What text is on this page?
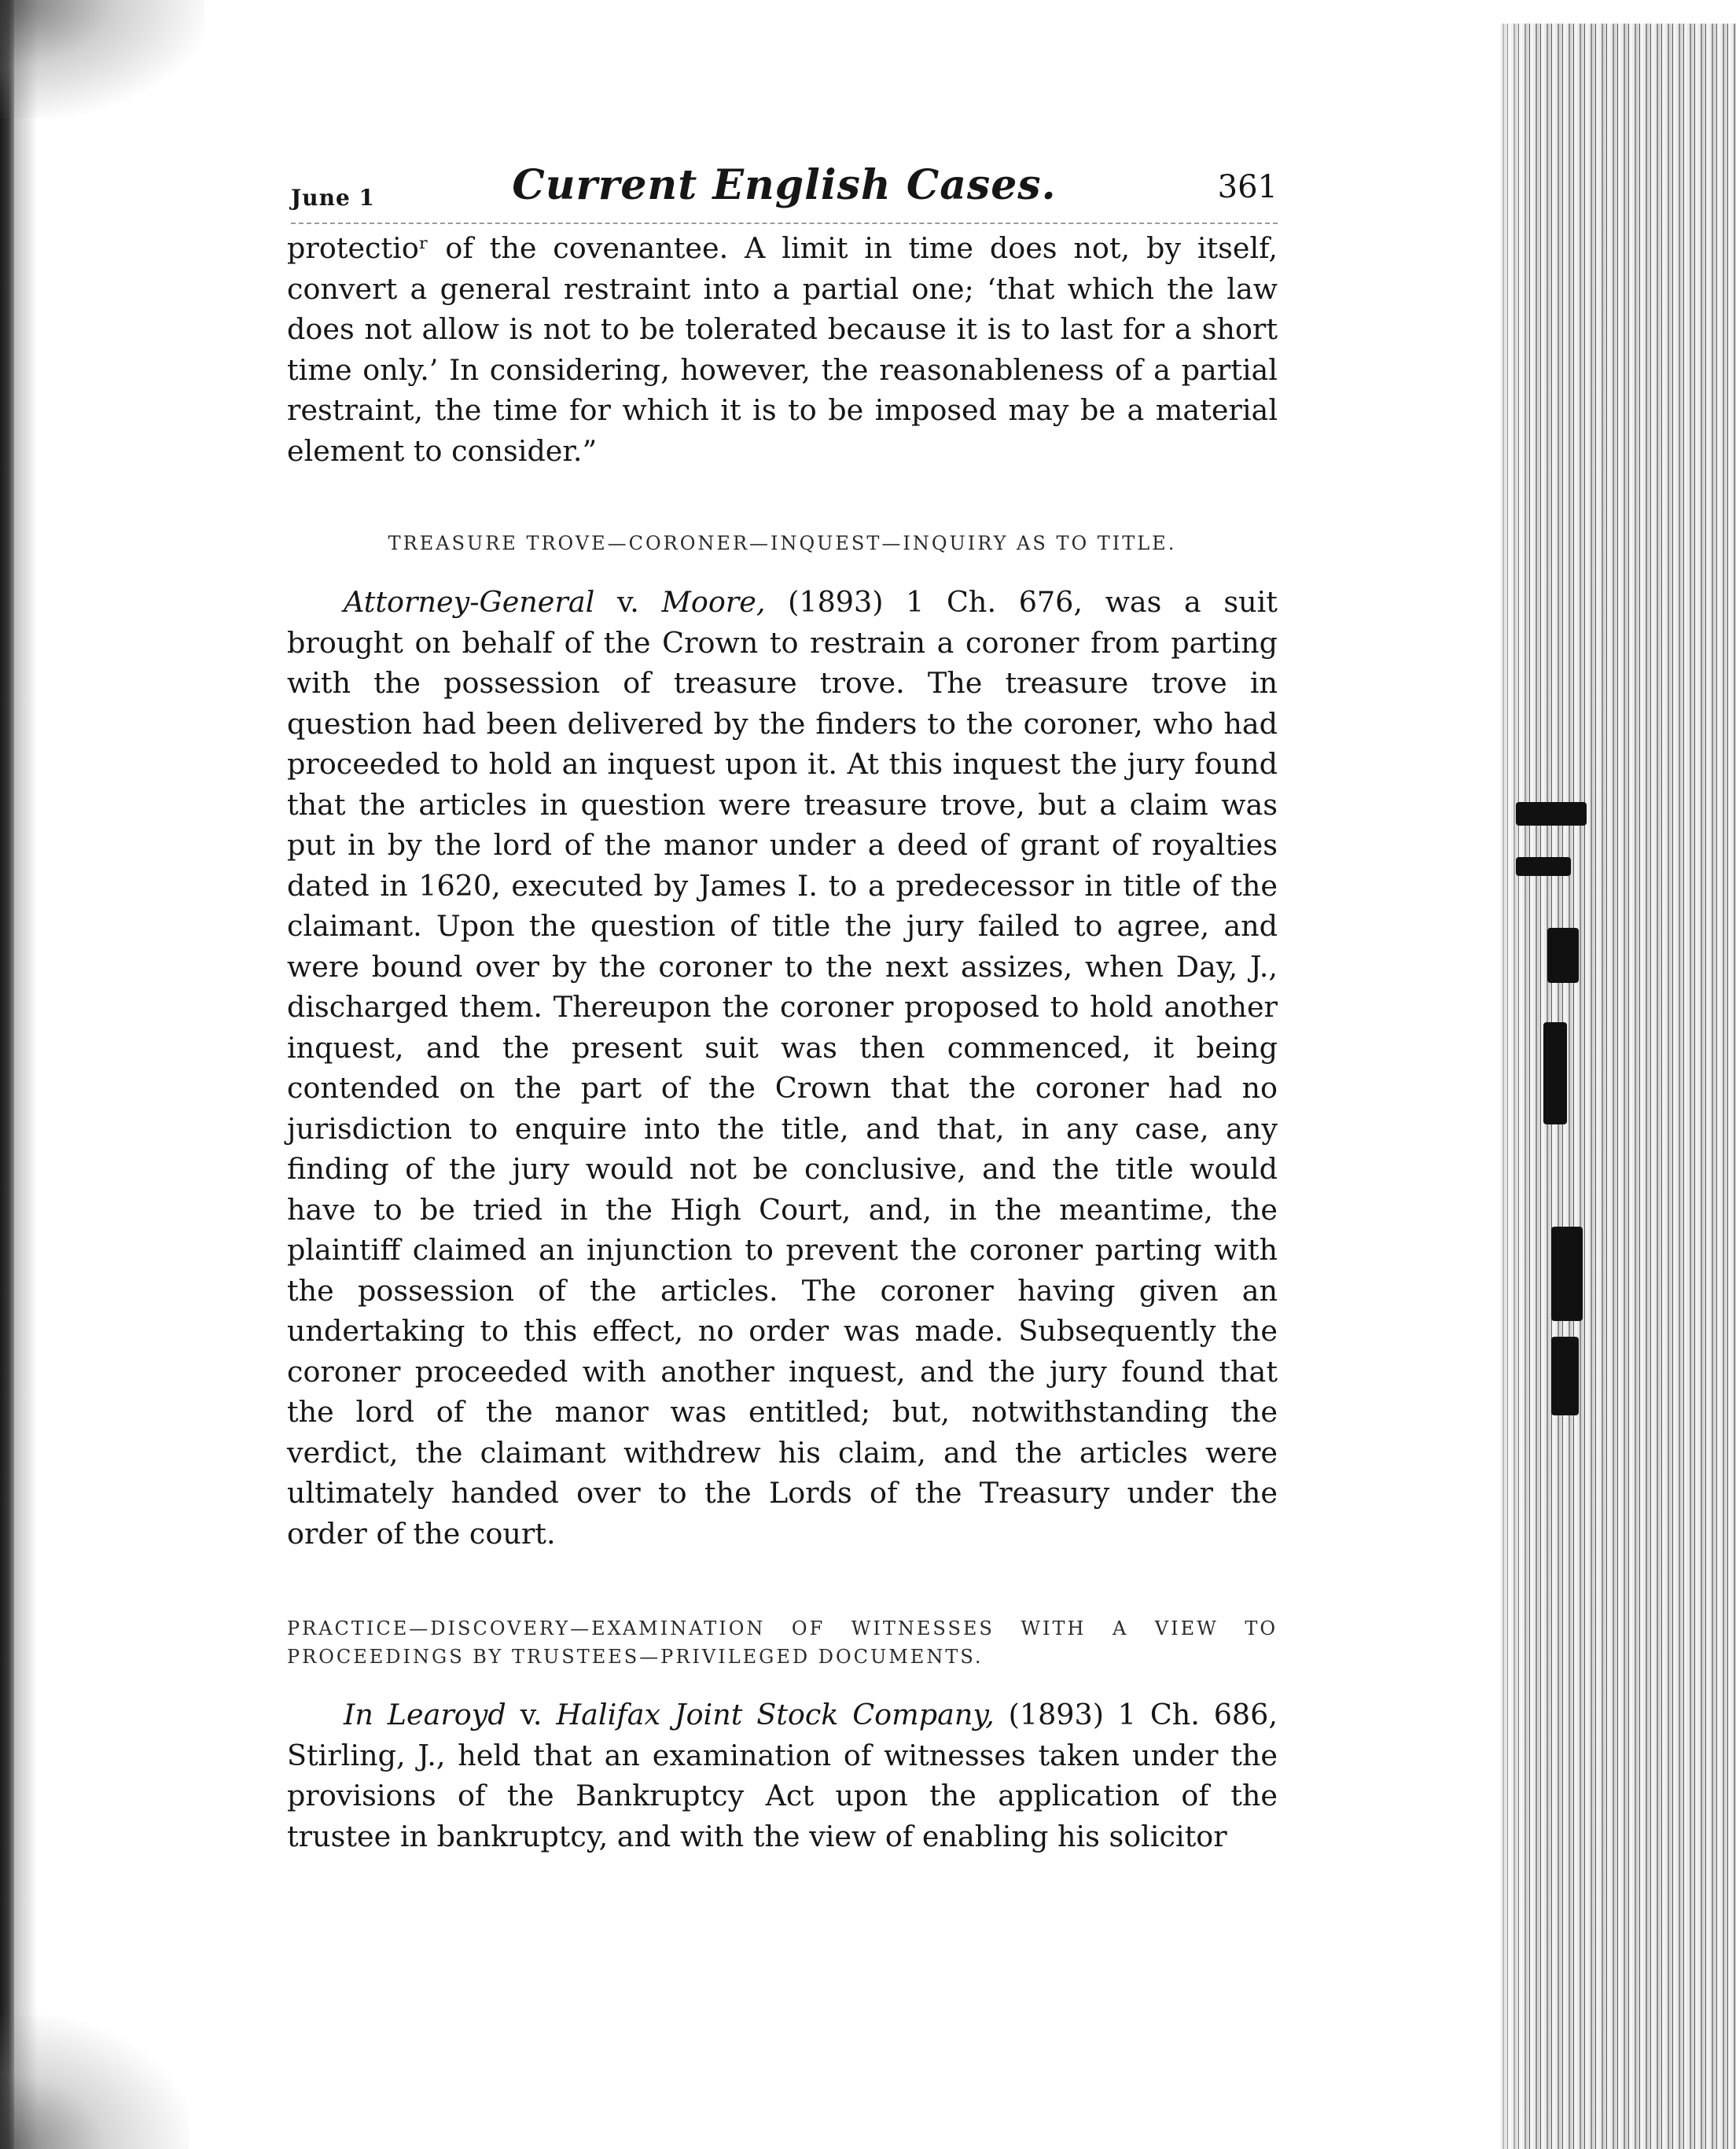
June 1	Current English Cases.	361

protectioʳ of the covenantee. A limit in time does not, by itself, convert a general restraint into a partial one; ‘that which the law does not allow is not to be tolerated because it is to last for a short time only.’ In considering, however, the reasonableness of a partial restraint, the time for which it is to be imposed may be a material element to consider.”

TREASURE TROVE—CORONER—INQUEST—INQUIRY AS TO TITLE.

Attorney-General v. Moore, (1893) 1 Ch. 676, was a suit brought on behalf of the Crown to restrain a coroner from parting with the possession of treasure trove. The treasure trove in question had been delivered by the finders to the coroner, who had proceeded to hold an inquest upon it. At this inquest the jury found that the articles in question were treasure trove, but a claim was put in by the lord of the manor under a deed of grant of royalties dated in 1620, executed by James I. to a predecessor in title of the claimant. Upon the question of title the jury failed to agree, and were bound over by the coroner to the next assizes, when Day, J., discharged them. Thereupon the coroner proposed to hold another inquest, and the present suit was then commenced, it being contended on the part of the Crown that the coroner had no jurisdiction to enquire into the title, and that, in any case, any finding of the jury would not be conclusive, and the title would have to be tried in the High Court, and, in the meantime, the plaintiff claimed an injunction to prevent the coroner parting with the possession of the articles. The coroner having given an undertaking to this effect, no order was made. Subsequently the coroner proceeded with another inquest, and the jury found that the lord of the manor was entitled; but, notwithstanding the verdict, the claimant withdrew his claim, and the articles were ultimately handed over to the Lords of the Treasury under the order of the court.

PRACTICE—DISCOVERY—EXAMINATION OF WITNESSES WITH A VIEW TO PROCEEDINGS BY TRUSTEES—PRIVILEGED DOCUMENTS.

In Learoyd v. Halifax Joint Stock Company, (1893) 1 Ch. 686, Stirling, J., held that an examination of witnesses taken under the provisions of the Bankruptcy Act upon the application of the trustee in bankruptcy, and with the view of enabling his solicitor
